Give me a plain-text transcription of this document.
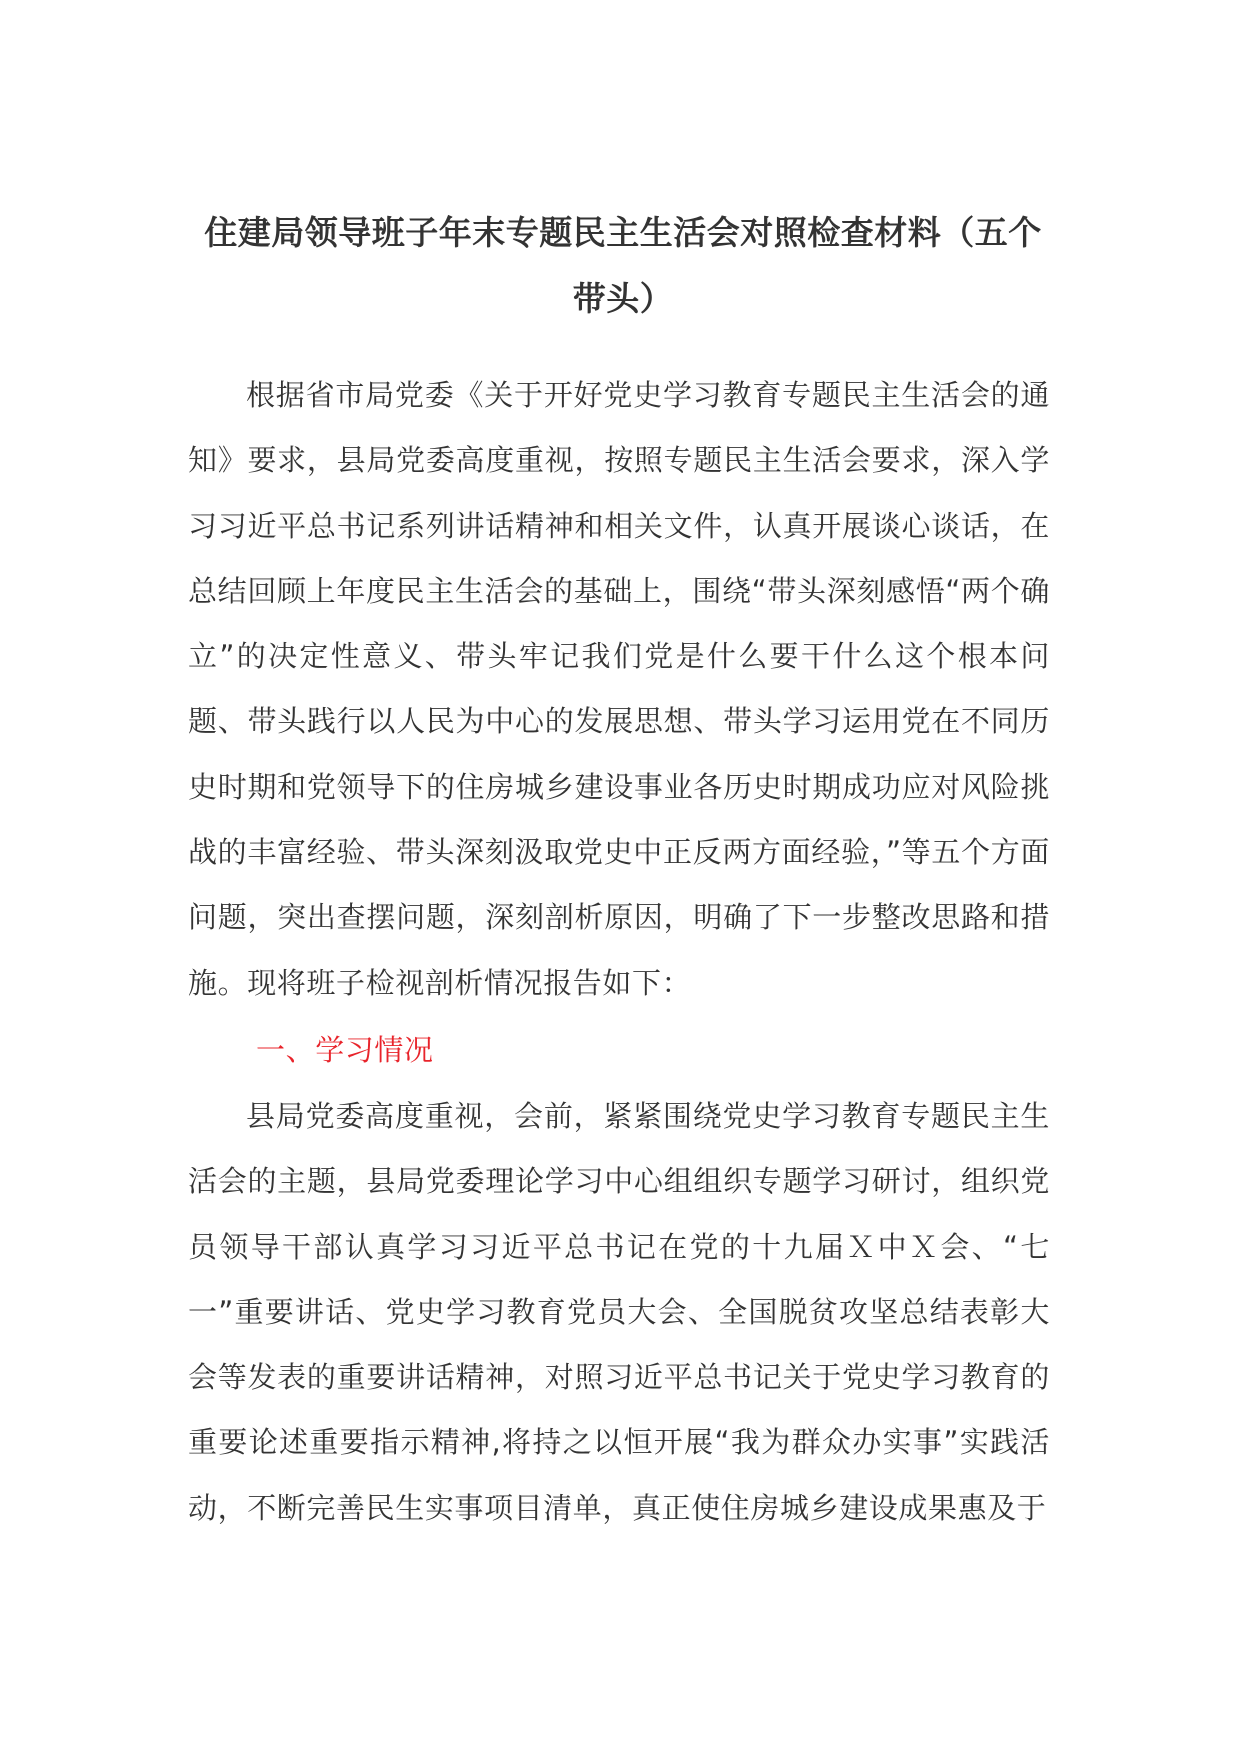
住建局领导班子年末专题民主生活会对照检查材料（五个带头）

根据省市局党委《关于开好党史学习教育专题民主生活会的通知》要求，县局党委高度重视，按照专题民主生活会要求，深入学习习近平总书记系列讲话精神和相关文件，认真开展谈心谈话，在总结回顾上年度民主生活会的基础上，围绕“带头深刻感悟“两个确立”的决定性意义、带头牢记我们党是什么要干什么这个根本问题、带头践行以人民为中心的发展思想、带头学习运用党在不同历史时期和党领导下的住房城乡建设事业各历史时期成功应对风险挑战的丰富经验、带头深刻汲取党史中正反两方面经验，”等五个方面问题，突出查摆问题，深刻剖析原因，明确了下一步整改思路和措施。现将班子检视剖析情况报告如下：

一、学习情况

县局党委高度重视，会前，紧紧围绕党史学习教育专题民主生活会的主题，县局党委理论学习中心组组织专题学习研讨，组织党员领导干部认真学习习近平总书记在党的十九届Ｘ中Ｘ会、“七一”重要讲话、党史学习教育党员大会、全国脱贫攻坚总结表彰大会等发表的重要讲话精神，对照习近平总书记关于党史学习教育的重要论述重要指示精神,将持之以恒开展“我为群众办实事”实践活动，不断完善民生实事项目清单，真正使住房城乡建设成果惠及于
